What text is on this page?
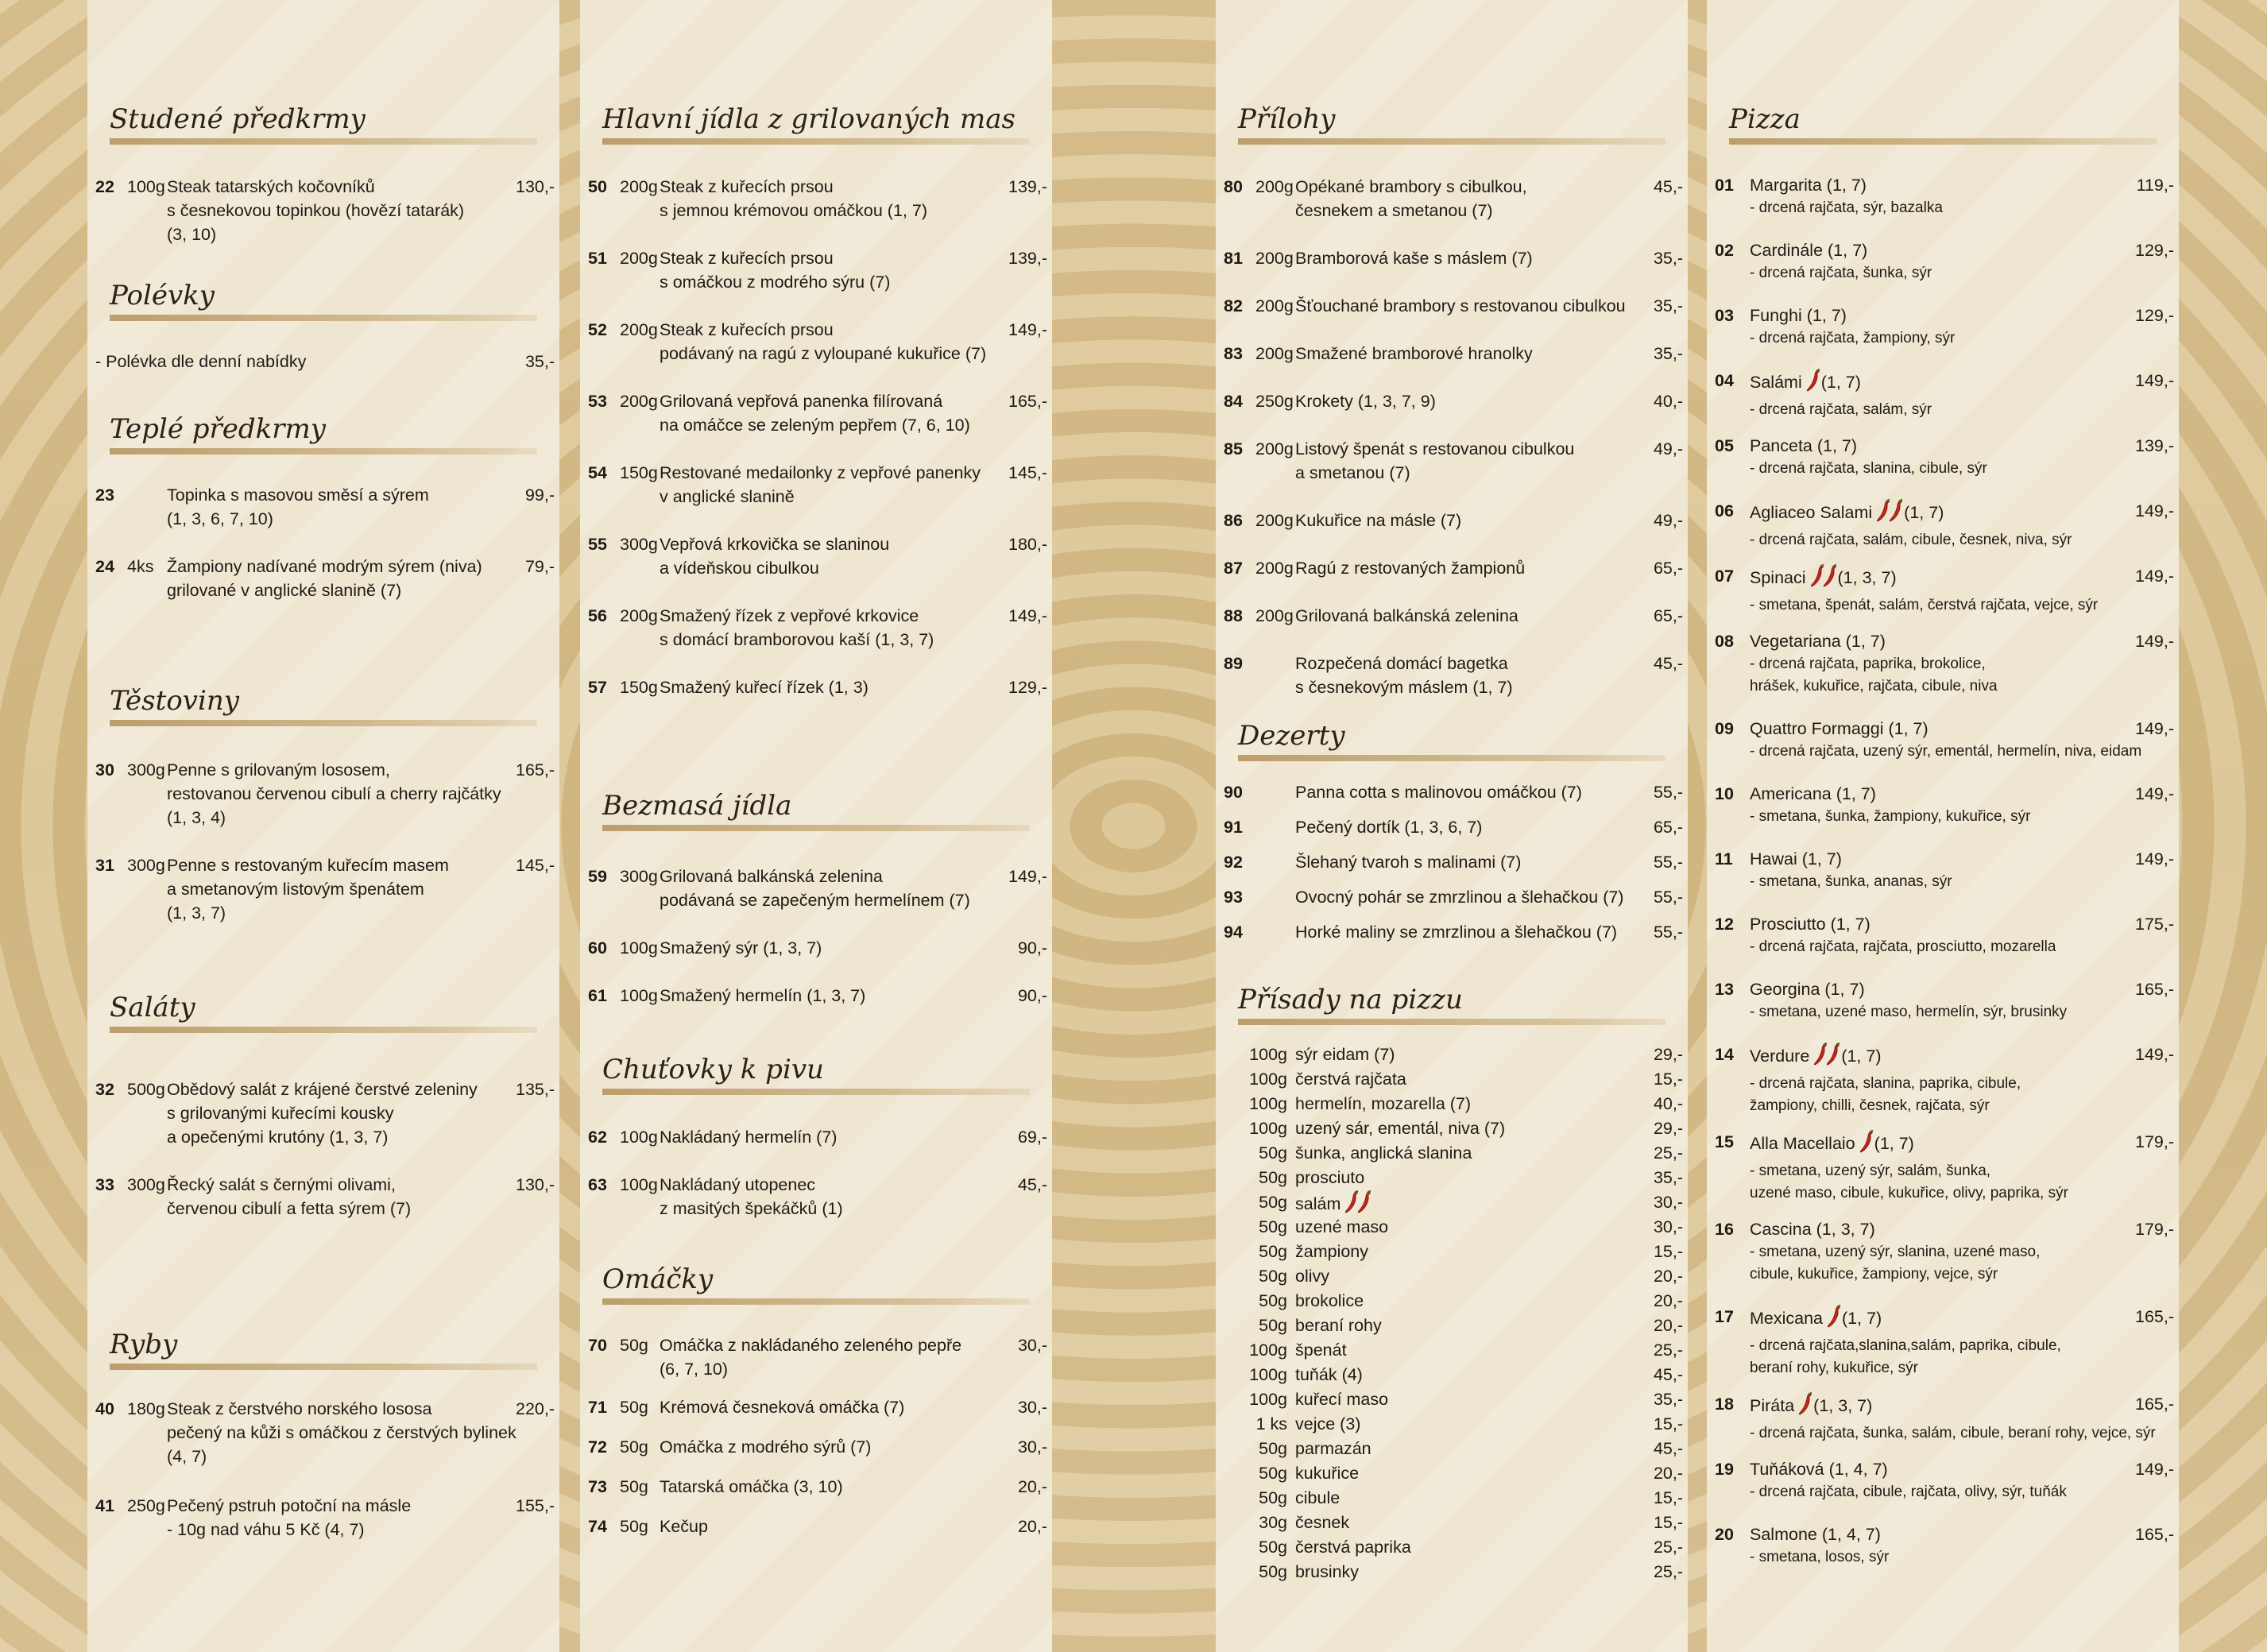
Studené předkrmy
22 100g Steak tatarských kočovníků
s česnekovou topinkou (hovězí tatarák)
(3, 10)
130,-
Polévky
- Polévka dle denní nabídky	35,-
Teplé předkrmy
23	Topinka s masovou směsí a sýrem
(1, 3, 6, 7, 10)
99,-
24 4ks Žampiony nadívané modrým sýrem (niva)
grilované v anglické slanině (7)
79,-
Těstoviny
30 300g Penne s grilovaným lososem,
restovanou červenou cibulí a cherry rajčátky
(1, 3, 4)
165,-
31 300g Penne s restovaným kuřecím masem
a smetanovým listovým špenátem
(1, 3, 7)
145,-
Saláty
32 500g Obědový salát z krájené čerstvé zeleniny
s grilovanými kuřecími kousky
a opečenými krutóny (1, 3, 7)
135,-
33 300g Řecký salát s černými olivami,
červenou cibulí a fetta sýrem (7)
130,-
Ryby
40 180g Steak z čerstvého norského lososa
pečený na kůži s omáčkou z čerstvých bylinek
(4, 7)
220,-
41 250g Pečený pstruh potoční na másle
- 10g nad váhu 5 Kč (4, 7)
155,-
Hlavní jídla z grilovaných mas
50 200g Steak z kuřecích prsou
s jemnou krémovou omáčkou (1, 7)
139,-
51 200g Steak z kuřecích prsou
s omáčkou z modrého sýru (7)
139,-
52 200g Steak z kuřecích prsou
podávaný na ragú z vyloupané kukuřice (7)
149,-
53 200g Grilovaná vepřová panenka filírovaná
na omáčce se zeleným pepřem (7, 6, 10)
165,-
54 150g Restované medailonky z vepřové panenky
v anglické slanině
145,-
55 300g Vepřová krkovička se slaninou
a vídeňskou cibulkou
180,-
56 200g Smažený řízek z vepřové krkovice
s domácí bramborovou kaší (1, 3, 7)
149,-
57 150g Smažený kuřecí řízek (1, 3)	129,-
Bezmasá jídla
59 300g Grilovaná balkánská zelenina
podávaná se zapečeným hermelínem (7)
149,-
60 100g Smažený sýr (1, 3, 7)	90,-
61 100g Smažený hermelín (1, 3, 7)	90,-
Chuťovky k pivu
62 100g Nakládaný hermelín (7)	69,-
63 100g Nakládaný utopenec
z masitých špekáčků (1)
45,-
Omáčky
70 50g Omáčka z nakládaného zeleného pepře
(6, 7, 10)
30,-
71 50g Krémová česneková omáčka (7)	30,-
72 50g Omáčka z modrého sýrů (7)	30,-
73 50g Tatarská omáčka (3, 10)	20,-
74 50g Kečup	20,-
Přílohy
80 200g Opékané brambory s cibulkou,
česnekem a smetanou (7)
45,-
81 200g Bramborová kaše s máslem (7)	35,-
82 200g Šťouchané brambory s restovanou cibulkou 35,-
83 200g Smažené bramborové hranolky	35,-
84 250g Krokety (1, 3, 7, 9)	40,-
85 200g Listový špenát s restovanou cibulkou
a smetanou (7)
49,-
86 200g Kukuřice na másle (7)	49,-
87 200g Ragú z restovaných žampionů	65,-
88 200g Grilovaná balkánská zelenina	65,-
89	Rozpečená domácí bagetka
s česnekovým máslem (1, 7)
45,-
Dezerty
90	Panna cotta s malinovou omáčkou (7)	55,-
91	Pečený dortík (1, 3, 6, 7)	65,-
92	Šlehaný tvaroh s malinami (7)	55,-
93	Ovocný pohár se zmrzlinou a šlehačkou (7) 55,-
94	Horké maliny se zmrzlinou a šlehačkou (7) 55,-
Přísady na pizzu
100g sýr eidam (7)	29,-
100g čerstvá rajčata	15,-
100g hermelín, mozarella (7)	40,-
100g uzený sár, ementál, niva (7)	29,-
50g šunka, anglická slanina	25,-
50g prosciuto	35,-
50g salám	30,-
50g uzené maso	30,-
50g žampiony	15,-
50g olivy	20,-
50g brokolice	20,-
50g beraní rohy	20,-
100g špenát	25,-
100g tuňák (4)	45,-
100g kuřecí maso	35,-
1 ks vejce (3)	15,-
50g parmazán	45,-
50g kukuřice	20,-
50g cibule	15,-
30g česnek	15,-
50g čerstvá paprika	25,-
50g brusinky	25,-
Pizza
01 Margarita (1, 7)
- drcená rajčata, sýr, bazalka
119,-
02 Cardinále (1, 7)
- drcená rajčata, šunka, sýr
129,-
03 Funghi (1, 7)
- drcená rajčata, žampiony, sýr
129,-
04 Salámi (1, 7)
- drcená rajčata, salám, sýr
149,-
05 Panceta (1, 7)
- drcená rajčata, slanina, cibule, sýr
139,-
06 Agliaceo Salami (1, 7)
- drcená rajčata, salám, cibule, česnek, niva, sýr
149,-
07 Spinaci (1, 3, 7)
- smetana, špenát, salám, čerstvá rajčata, vejce, sýr
149,-
08 Vegetariana (1, 7)
- drcená rajčata, paprika, brokolice,
hrášek, kukuřice, rajčata, cibule, niva
149,-
09 Quattro Formaggi (1, 7)
- drcená rajčata, uzený sýr, ementál, hermelín, niva, eidam
149,-
10 Americana (1, 7)
- smetana, šunka, žampiony, kukuřice, sýr
149,-
11 Hawai (1, 7)
- smetana, šunka, ananas, sýr
149,-
12 Prosciutto (1, 7)
- drcená rajčata, rajčata, prosciutto, mozarella
175,-
13 Georgina (1, 7)
- smetana, uzené maso, hermelín, sýr, brusinky
165,-
14 Verdure (1, 7)
- drcená rajčata, slanina, paprika, cibule,
žampiony, chilli, česnek, rajčata, sýr
149,-
15 Alla Macellaio (1, 7)
- smetana, uzený sýr, salám, šunka,
uzené maso, cibule, kukuřice, olivy, paprika, sýr
179,-
16 Cascina (1, 3, 7)
- smetana, uzený sýr, slanina, uzené maso,
cibule, kukuřice, žampiony, vejce, sýr
179,-
17 Mexicana (1, 7)
- drcená rajčata,slanina,salám, paprika, cibule,
beraní rohy, kukuřice, sýr
165,-
18 Piráta (1, 3, 7)
- drcená rajčata, šunka, salám, cibule, beraní rohy, vejce, sýr
165,-
19 Tuňáková (1, 4, 7)
- drcená rajčata, cibule, rajčata, olivy, sýr, tuňák
149,-
20 Salmone (1, 4, 7)
- smetana, losos, sýr
165,-
